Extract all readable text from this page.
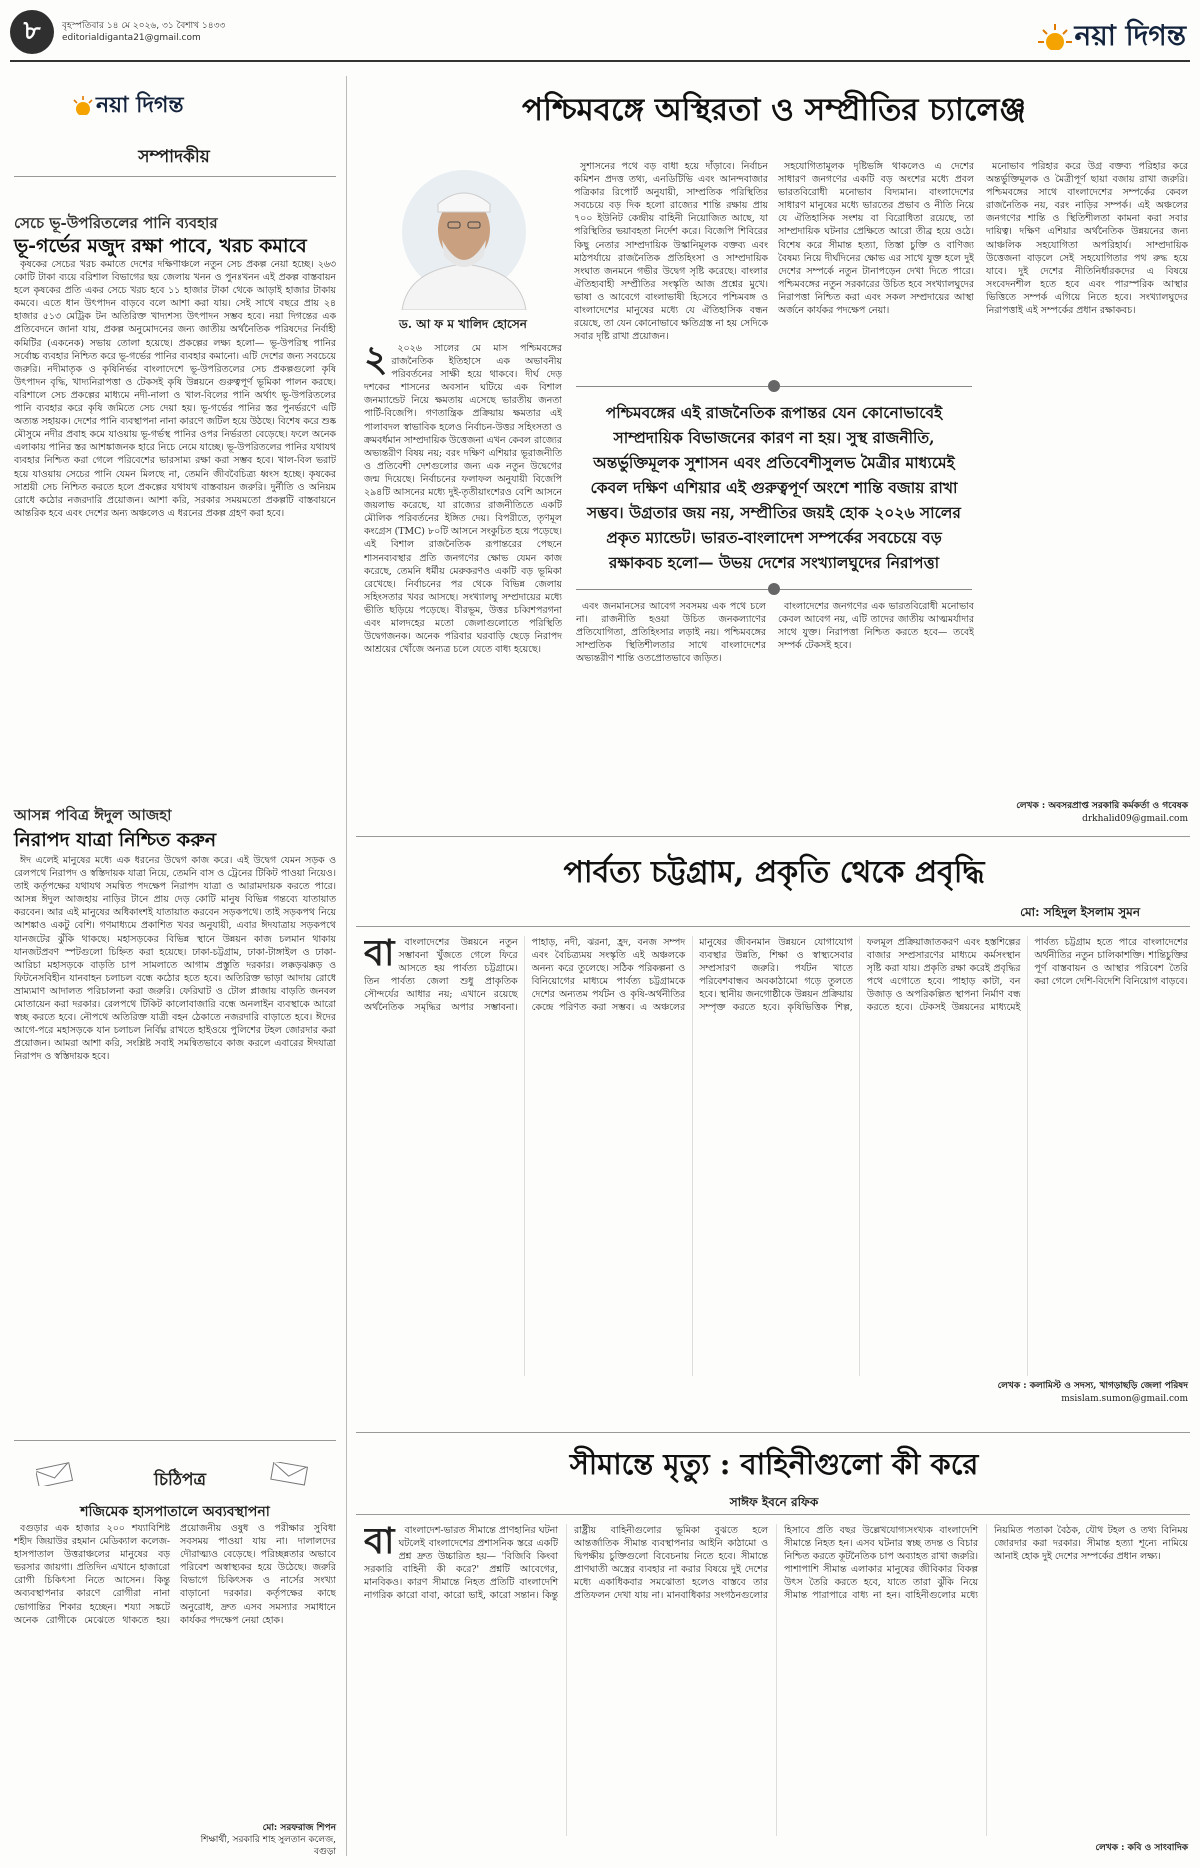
৮	বৃহস্পতিবার ১৪ মে ২০২৬, ৩১ বৈশাখ ১৪৩৩
editorialdiganta21@gmail.com	নয়া দিগন্ত
নয়া দিগন্ত
সম্পাদকীয়
সেচে ভূ-উপরিতলের পানি ব্যবহার
ভূ-গর্ভের মজুদ রক্ষা পাবে, খরচ কমাবে

কৃষকের সেচের খরচ কমাতে দেশের দক্ষিণাঞ্চলে নতুন সেচ প্রকল্প নেয়া হচ্ছে। ২৬৩ কোটি টাকা ব্যয়ে বরিশাল বিভাগের ছয় জেলায় খনন ও পুনঃখনন এই প্রকল্প বাস্তবায়ন হলে কৃষকের প্রতি একর সেচে খরচ হবে ১১ হাজার টাকা থেকে আড়াই হাজার টাকায় কমবে। এতে ধান উৎপাদন বাড়বে বলে আশা করা যায়। সেই সাথে বছরে প্রায় ২৪ হাজার ৫১৩ মেট্রিক টন অতিরিক্ত খাদ্যশস্য উৎপাদন সম্ভব হবে। নয়া দিগন্তের এক প্রতিবেদনে জানা যায়, প্রকল্প অনুমোদনের জন্য জাতীয় অর্থনৈতিক পরিষদের নির্বাহী কমিটির (একনেক) সভায় তোলা হয়েছে। প্রকল্পের লক্ষ্য হলো— ভূ-উপরিস্থ পানির সর্বোচ্চ ব্যবহার নিশ্চিত করে ভূ-গর্ভের পানির ব্যবহার কমানো। এটি দেশের জন্য সবচেয়ে জরুরি। নদীমাতৃক ও কৃষিনির্ভর বাংলাদেশে ভূ-উপরিতলের সেচ প্রকল্পগুলো কৃষি উৎপাদন বৃদ্ধি, খাদ্যনিরাপত্তা ও টেকসই কৃষি উন্নয়নে গুরুত্বপূর্ণ ভূমিকা পালন করছে। বরিশালে সেচ প্রকল্পের মাধ্যমে নদী-নালা ও খাল-বিলের পানি অর্থাৎ ভূ-উপরিতলের পানি ব্যবহার করে কৃষি জমিতে সেচ দেয়া হয়। ভূ-গর্ভের পানির স্তর পুনর্ভরণে এটি অত্যন্ত সহায়ক। দেশের পানি ব্যবস্থাপনা নানা কারণে জটিল হয়ে উঠছে। বিশেষ করে শুষ্ক মৌসুমে নদীর প্রবাহ কমে যাওয়ায় ভূ-গর্ভস্থ পানির ওপর নির্ভরতা বেড়েছে। ফলে অনেক এলাকায় পানির স্তর আশঙ্কাজনক হারে নিচে নেমে যাচ্ছে। ভূ-উপরিতলের পানির যথাযথ ব্যবহার নিশ্চিত করা গেলে পরিবেশের ভারসাম্য রক্ষা করা সম্ভব হবে। খাল-বিল ভরাট হয়ে যাওয়ায় সেচের পানি যেমন মিলছে না, তেমনি জীববৈচিত্র্য ধ্বংস হচ্ছে। কৃষকের সাশ্রয়ী সেচ নিশ্চিত করতে হলে প্রকল্পের যথাযথ বাস্তবায়ন জরুরি। দুর্নীতি ও অনিয়ম রোধে কঠোর নজরদারি প্রয়োজন। আশা করি, সরকার সময়মতো প্রকল্পটি বাস্তবায়নে আন্তরিক হবে এবং দেশের অন্য অঞ্চলেও এ ধরনের প্রকল্প গ্রহণ করা হবে।

আসন্ন পবিত্র ঈদুল আজহা
নিরাপদ যাত্রা নিশ্চিত করুন

ঈদ এলেই মানুষের মধ্যে এক ধরনের উদ্বেগ কাজ করে। এই উদ্বেগ যেমন সড়ক ও রেলপথে নিরাপদ ও স্বস্তিদায়ক যাত্রা নিয়ে, তেমনি বাস ও ট্রেনের টিকিট পাওয়া নিয়েও। তাই কর্তৃপক্ষের যথাযথ সমন্বিত পদক্ষেপ নিরাপদ যাত্রা ও আরামদায়ক করতে পারে। আসন্ন ঈদুল আজহায় নাড়ির টানে প্রায় দেড় কোটি মানুষ বিভিন্ন গন্তব্যে যাতায়াত করবেন। আর এই মানুষের অধিকাংশই যাতায়াত করবেন সড়কপথে। তাই সড়কপথ নিয়ে আশঙ্কাও একটু বেশি। গণমাধ্যমে প্রকাশিত খবর অনুযায়ী, এবার ঈদযাত্রায় সড়কপথে যানজটের ঝুঁকি থাকছে। মহাসড়কের বিভিন্ন স্থানে উন্নয়ন কাজ চলমান থাকায় যানজটপ্রবণ স্পটগুলো চিহ্নিত করা হয়েছে। ঢাকা-চট্টগ্রাম, ঢাকা-টাঙ্গাইল ও ঢাকা-আরিচা মহাসড়কে বাড়তি চাপ সামলাতে আগাম প্রস্তুতি দরকার। লক্কড়ঝক্কড় ও ফিটনেসবিহীন যানবাহন চলাচল বন্ধে কঠোর হতে হবে। অতিরিক্ত ভাড়া আদায় রোধে ভ্রাম্যমাণ আদালত পরিচালনা করা জরুরি। ফেরিঘাট ও টোল প্লাজায় বাড়তি জনবল মোতায়েন করা দরকার। রেলপথে টিকিট কালোবাজারি বন্ধে অনলাইন ব্যবস্থাকে আরো স্বচ্ছ করতে হবে। নৌপথে অতিরিক্ত যাত্রী বহন ঠেকাতে নজরদারি বাড়াতে হবে। ঈদের আগে-পরে মহাসড়কে যান চলাচল নির্বিঘ্ন রাখতে হাইওয়ে পুলিশের টহল জোরদার করা প্রয়োজন। আমরা আশা করি, সংশ্লিষ্ট সবাই সমন্বিতভাবে কাজ করলে এবারের ঈদযাত্রা নিরাপদ ও স্বস্তিদায়ক হবে।

চিঠিপত্র
শজিমেক হাসপাতালে অব্যবস্থাপনা

বগুড়ার এক হাজার ২০০ শয্যাবিশিষ্ট শহীদ জিয়াউর রহমান মেডিক্যাল কলেজ-হাসপাতাল উত্তরাঞ্চলের মানুষের বড় ভরসার জায়গা। প্রতিদিন এখানে হাজারো রোগী চিকিৎসা নিতে আসেন। কিন্তু অব্যবস্থাপনার কারণে রোগীরা নানা ভোগান্তির শিকার হচ্ছেন। শয্যা সঙ্কটে অনেক রোগীকে মেঝেতে থাকতে হয়। প্রয়োজনীয় ওষুধ ও পরীক্ষার সুবিধা সবসময় পাওয়া যায় না। দালালদের দৌরাত্ম্যও বেড়েছে। পরিচ্ছন্নতার অভাবে পরিবেশ অস্বাস্থ্যকর হয়ে উঠেছে। জরুরি বিভাগে চিকিৎসক ও নার্সের সংখ্যা বাড়ানো দরকার। কর্তৃপক্ষের কাছে অনুরোধ, দ্রুত এসব সমস্যার সমাধানে কার্যকর পদক্ষেপ নেয়া হোক।

মো: সরফরাজ শিপন
শিক্ষার্থী, সরকারি শাহ সুলতান কলেজ, বগুড়া
পশ্চিমবঙ্গে অস্থিরতা ও সম্প্রীতির চ্যালেঞ্জ
ড. আ ফ ম খালিদ হোসেন
২	২০২৬ সালের মে মাস পশ্চিমবঙ্গের রাজনৈতিক ইতিহাসে এক অভাবনীয় পরিবর্তনের সাক্ষী হয়ে থাকবে। দীর্ঘ দেড় দশকের শাসনের অবসান ঘটিয়ে এক বিশাল জনম্যান্ডেট নিয়ে ক্ষমতায় এসেছে ভারতীয় জনতা পার্টি-বিজেপি। গণতান্ত্রিক প্রক্রিয়ায় ক্ষমতার এই পালাবদল স্বাভাবিক হলেও নির্বাচন-উত্তর সহিংসতা ও ক্রমবর্ধমান সাম্প্রদায়িক উত্তেজনা এখন কেবল রাজ্যের অভ্যন্তরীণ বিষয় নয়; বরং দক্ষিণ এশিয়ার ভূরাজনীতি ও প্রতিবেশী দেশগুলোর জন্য এক নতুন উদ্বেগের জন্ম দিয়েছে। নির্বাচনের ফলাফল অনুযায়ী বিজেপি ২৯৪টি আসনের মধ্যে দুই-তৃতীয়াংশেরও বেশি আসনে জয়লাভ করেছে, যা রাজ্যের রাজনীতিতে একটি মৌলিক পরিবর্তনের ইঙ্গিত দেয়। বিপরীতে, তৃণমূল কংগ্রেস (TMC) ৮০টি আসনে সংকুচিত হয়ে পড়েছে। এই বিশাল রাজনৈতিক রূপান্তরের পেছনে শাসনব্যবস্থার প্রতি জনগণের ক্ষোভ যেমন কাজ করেছে, তেমনি ধর্মীয় মেরুকরণও একটি বড় ভূমিকা রেখেছে। নির্বাচনের পর থেকে বিভিন্ন জেলায় সহিংসতার খবর আসছে। সংখ্যালঘু সম্প্রদায়ের মধ্যে ভীতি ছড়িয়ে পড়েছে। বীরভূম, উত্তর চব্বিশপরগনা এবং মালদহের মতো জেলাগুলোতে পরিস্থিতি উদ্বেগজনক। অনেক পরিবার ঘরবাড়ি ছেড়ে নিরাপদ আশ্রয়ের খোঁজে অন্যত্র চলে যেতে বাধ্য হয়েছে।

সুশাসনের পথে বড় বাধা হয়ে দাঁড়াবে। নির্বাচন কমিশন প্রদত্ত তথ্য, এনডিটিভি এবং আনন্দবাজার পত্রিকার রিপোর্ট অনুযায়ী, সাম্প্রতিক পরিস্থিতির সবচেয়ে বড় দিক হলো রাজ্যের শান্তি রক্ষায় প্রায় ৭০০ ইউনিট কেন্দ্রীয় বাহিনী নিয়োজিত আছে, যা পরিস্থিতির ভয়াবহতা নির্দেশ করে। বিজেপি শিবিরের কিছু নেতার সাম্প্রদায়িক উস্কানিমূলক বক্তব্য এবং মাঠপর্যায়ে রাজনৈতিক প্রতিহিংসা ও সাম্প্রদায়িক সংঘাত জনমনে গভীর উদ্বেগ সৃষ্টি করেছে। বাংলার ঐতিহ্যবাহী সম্প্রীতির সংস্কৃতি আজ প্রশ্নের মুখে। ভাষা ও আবেগে বাংলাভাষী হিসেবে পশ্চিমবঙ্গ ও বাংলাদেশের মানুষের মধ্যে যে ঐতিহাসিক বন্ধন রয়েছে, তা যেন কোনোভাবে ক্ষতিগ্রস্ত না হয় সেদিকে সবার দৃষ্টি রাখা প্রয়োজন।

সহযোগিতামূলক দৃষ্টিভঙ্গি থাকলেও এ দেশের সাধারণ জনগণের একটি বড় অংশের মধ্যে প্রবল ভারতবিরোধী মনোভাব বিদ্যমান। বাংলাদেশের সাধারণ মানুষের মধ্যে ভারতের প্রভাব ও নীতি নিয়ে যে ঐতিহাসিক সংশয় বা বিরোধিতা রয়েছে, তা সাম্প্রদায়িক ঘটনার প্রেক্ষিতে আরো তীব্র হয়ে ওঠে। বিশেষ করে সীমান্ত হত্যা, তিস্তা চুক্তি ও বাণিজ্য বৈষম্য নিয়ে দীর্ঘদিনের ক্ষোভ এর সাথে যুক্ত হলে দুই দেশের সম্পর্কে নতুন টানাপড়েন দেখা দিতে পারে। পশ্চিমবঙ্গের নতুন সরকারের উচিত হবে সংখ্যালঘুদের নিরাপত্তা নিশ্চিত করা এবং সকল সম্প্রদায়ের আস্থা অর্জনে কার্যকর পদক্ষেপ নেয়া।

মনোভাব পরিহার করে উগ্র বক্তব্য পরিহার করে অন্তর্ভুক্তিমূলক ও মৈত্রীপূর্ণ ছায়া বজায় রাখা জরুরি। পশ্চিমবঙ্গের সাথে বাংলাদেশের সম্পর্কের কেবল রাজনৈতিক নয়, বরং নাড়ির সম্পর্ক। এই অঞ্চলের জনগণের শান্তি ও স্থিতিশীলতা কামনা করা সবার দায়িত্ব। দক্ষিণ এশিয়ার অর্থনৈতিক উন্নয়নের জন্য আঞ্চলিক সহযোগিতা অপরিহার্য। সাম্প্রদায়িক উত্তেজনা বাড়লে সেই সহযোগিতার পথ রুদ্ধ হয়ে যাবে। দুই দেশের নীতিনির্ধারকদের এ বিষয়ে সংবেদনশীল হতে হবে এবং পারস্পরিক আস্থার ভিত্তিতে সম্পর্ক এগিয়ে নিতে হবে। সংখ্যালঘুদের নিরাপত্তাই এই সম্পর্কের প্রধান রক্ষাকবচ।

পশ্চিমবঙ্গের এই রাজনৈতিক রূপান্তর যেন কোনোভাবেই সাম্প্রদায়িক বিভাজনের কারণ না হয়। সুস্থ রাজনীতি, অন্তর্ভুক্তিমূলক সুশাসন এবং প্রতিবেশীসুলভ মৈত্রীর মাধ্যমেই কেবল দক্ষিণ এশিয়ার এই গুরুত্বপূর্ণ অংশে শান্তি বজায় রাখা সম্ভব। উগ্রতার জয় নয়, সম্প্রীতির জয়ই হোক ২০২৬ সালের প্রকৃত ম্যান্ডেট। ভারত-বাংলাদেশ সম্পর্কের সবচেয়ে বড় রক্ষাকবচ হলো— উভয় দেশের সংখ্যালঘুদের নিরাপত্তা

এবং জনমানসের আবেগ সবসময় এক পথে চলে না। রাজনীতি হওয়া উচিত জনকল্যাণের প্রতিযোগিতা, প্রতিহিংসার লড়াই নয়। পশ্চিমবঙ্গের সাম্প্রতিক স্থিতিশীলতার সাথে বাংলাদেশের অভ্যন্তরীণ শান্তি ওতপ্রোতভাবে জড়িত।

বাংলাদেশের জনগণের এক ভারতবিরোধী মনোভাব কেবল আবেগ নয়, এটি তাদের জাতীয় আত্মমর্যাদার সাথে যুক্ত। নিরাপত্তা নিশ্চিত করতে হবে— তবেই সম্পর্ক টেকসই হবে।

লেখক : অবসরপ্রাপ্ত সরকারি কর্মকর্তা ও গবেষক
drkhalid09@gmail.com
পার্বত্য চট্টগ্রাম, প্রকৃতি থেকে প্রবৃদ্ধি
মো: সহিদুল ইসলাম সুমন
বা	বাংলাদেশের উন্নয়নে নতুন সম্ভাবনা খুঁজতে গেলে ফিরে আসতে হয় পার্বত্য চট্টগ্রামে। তিন পার্বত্য জেলা শুধু প্রাকৃতিক সৌন্দর্যের আধার নয়; এখানে রয়েছে অর্থনৈতিক সমৃদ্ধির অপার সম্ভাবনা। পাহাড়, নদী, ঝরনা, হ্রদ, বনজ সম্পদ এবং বৈচিত্র্যময় সংস্কৃতি এই অঞ্চলকে অনন্য করে তুলেছে। সঠিক পরিকল্পনা ও বিনিয়োগের মাধ্যমে পার্বত্য চট্টগ্রামকে দেশের অন্যতম পর্যটন ও কৃষি-অর্থনীতির কেন্দ্রে পরিণত করা সম্ভব। এ অঞ্চলের মানুষের জীবনমান উন্নয়নে যোগাযোগ ব্যবস্থার উন্নতি, শিক্ষা ও স্বাস্থ্যসেবার সম্প্রসারণ জরুরি। পর্যটন খাতে পরিবেশবান্ধব অবকাঠামো গড়ে তুলতে হবে। স্থানীয় জনগোষ্ঠীকে উন্নয়ন প্রক্রিয়ায় সম্পৃক্ত করতে হবে। কৃষিভিত্তিক শিল্প, ফলমূল প্রক্রিয়াজাতকরণ এবং হস্তশিল্পের বাজার সম্প্রসারণের মাধ্যমে কর্মসংস্থান সৃষ্টি করা যায়। প্রকৃতি রক্ষা করেই প্রবৃদ্ধির পথে এগোতে হবে। পাহাড় কাটা, বন উজাড় ও অপরিকল্পিত স্থাপনা নির্মাণ বন্ধ করতে হবে। টেকসই উন্নয়নের মাধ্যমেই পার্বত্য চট্টগ্রাম হতে পারে বাংলাদেশের অর্থনীতির নতুন চালিকাশক্তি। শান্তিচুক্তির পূর্ণ বাস্তবায়ন ও আস্থার পরিবেশ তৈরি করা গেলে দেশি-বিদেশি বিনিয়োগ বাড়বে।

লেখক : কলামিস্ট ও সদস্য, খাগড়াছড়ি জেলা পরিষদ
msislam.sumon@gmail.com
সীমান্তে মৃত্যু : বাহিনীগুলো কী করে
সাঈফ ইবনে রফিক
বা	বাংলাদেশ-ভারত সীমান্তে প্রাণহানির ঘটনা ঘটলেই বাংলাদেশের প্রশাসনিক স্তরে একটি প্রশ্ন দ্রুত উচ্চারিত হয়— 'বিজিবি কিংবা সরকারি বাহিনী কী করে?' প্রশ্নটি আবেগের, মানবিকও। কারণ সীমান্তে নিহত প্রতিটি বাংলাদেশি নাগরিক কারো বাবা, কারো ভাই, কারো সন্তান। কিন্তু রাষ্ট্রীয় বাহিনীগুলোর ভূমিকা বুঝতে হলে আন্তর্জাতিক সীমান্ত ব্যবস্থাপনার আইনি কাঠামো ও দ্বিপক্ষীয় চুক্তিগুলো বিবেচনায় নিতে হবে। সীমান্তে প্রাণঘাতী অস্ত্রের ব্যবহার না করার বিষয়ে দুই দেশের মধ্যে একাধিকবার সমঝোতা হলেও বাস্তবে তার প্রতিফলন দেখা যায় না। মানবাধিকার সংগঠনগুলোর হিসাবে প্রতি বছর উল্লেখযোগ্যসংখ্যক বাংলাদেশি সীমান্তে নিহত হন। এসব ঘটনার স্বচ্ছ তদন্ত ও বিচার নিশ্চিত করতে কূটনৈতিক চাপ অব্যাহত রাখা জরুরি। পাশাপাশি সীমান্ত এলাকার মানুষের জীবিকার বিকল্প উৎস তৈরি করতে হবে, যাতে তারা ঝুঁকি নিয়ে সীমান্ত পারাপারে বাধ্য না হন। বাহিনীগুলোর মধ্যে নিয়মিত পতাকা বৈঠক, যৌথ টহল ও তথ্য বিনিময় জোরদার করা দরকার। সীমান্ত হত্যা শূন্যে নামিয়ে আনাই হোক দুই দেশের সম্পর্কের প্রধান লক্ষ্য।

লেখক : কবি ও সাংবাদিক
